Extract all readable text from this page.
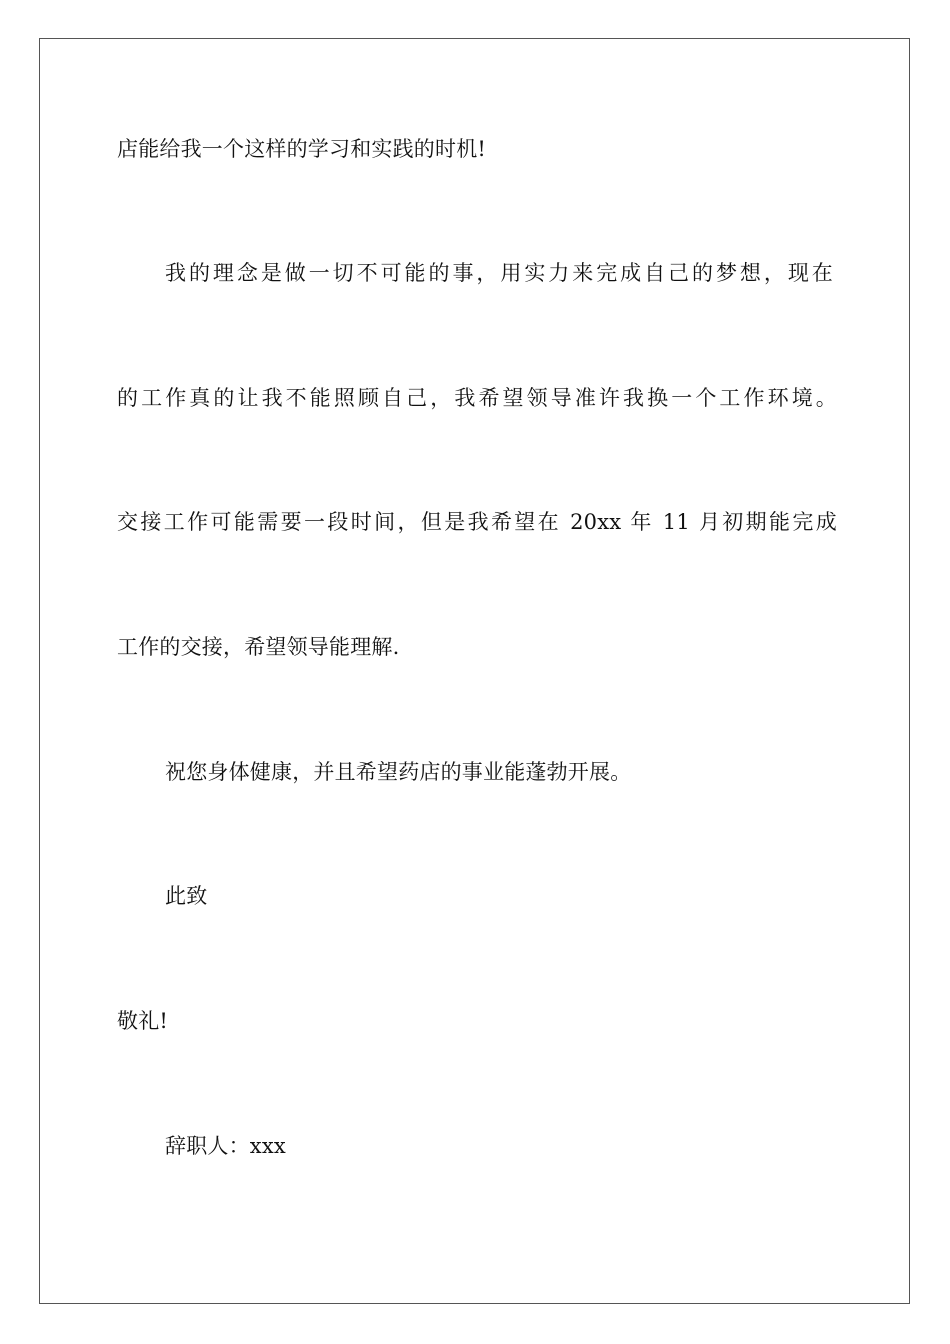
店能给我一个这样的学习和实践的时机!
我的理念是做一切不可能的事，用实力来完成自己的梦想，现在
的工作真的让我不能照顾自己，我希望领导准许我换一个工作环境。
交接工作可能需要一段时间，但是我希望在 20xx 年 11 月初期能完成
工作的交接，希望领导能理解.
祝您身体健康，并且希望药店的事业能蓬勃开展。
此致
敬礼!
辞职人：xxx
